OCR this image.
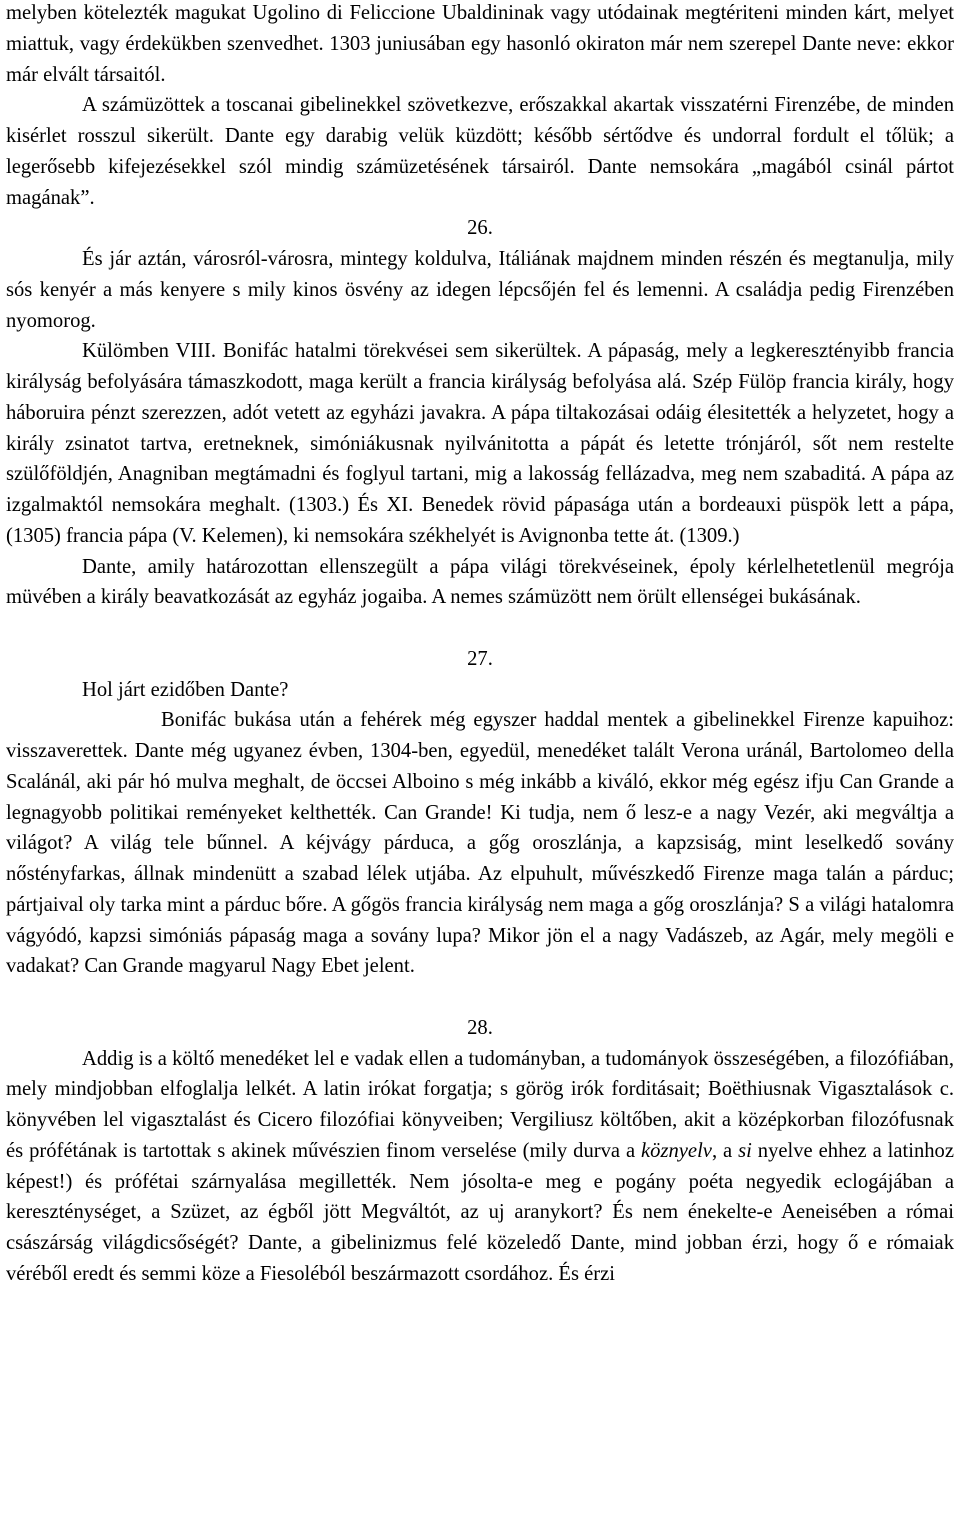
melyben kötelezték magukat Ugolino di Feliccione Ubaldininak vagy utódainak megtériteni minden kárt, melyet miattuk, vagy érdekükben szenvedhet. 1303 juniusában egy hasonló okiraton már nem szerepel Dante neve: ekkor már elvált társaitól.

A számüzöttek a toscanai gibelinekkel szövetkezve, erőszakkal akartak visszatérni Firenzébe, de minden kisérlet rosszul sikerült. Dante egy darabig velük küzdött; később sértődve és undorral fordult el tőlük; a legerősebb kifejezésekkel szól mindig számüzetésének társairól. Dante nemsokára „magából csinál pártot magának”.

26.

És jár aztán, városról-városra, mintegy koldulva, Itáliának majdnem minden részén és megtanulja, mily sós kenyér a más kenyere s mily kinos ösvény az idegen lépcsőjén fel és lemenni. A családja pedig Firenzében nyomorog.

Külömben VIII. Bonifác hatalmi törekvései sem sikerültek. A pápaság, mely a legkeresztényibb francia királyság befolyására támaszkodott, maga került a francia királyság befolyása alá. Szép Fülöp francia király, hogy háboruira pénzt szerezzen, adót vetett az egyházi javakra. A pápa tiltakozásai odáig élesitették a helyzetet, hogy a király zsinatot tartva, eretneknek, simóniákusnak nyilvánitotta a pápát és letette trónjáról, sőt nem restelte szülőföldjén, Anagniban megtámadni és foglyul tartani, mig a lakosság fellázadva, meg nem szabaditá. A pápa az izgalmaktól nemsokára meghalt. (1303.) És XI. Benedek rövid pápasága után a bordeauxi püspök lett a pápa, (1305) francia pápa (V. Kelemen), ki nemsokára székhelyét is Avignonba tette át. (1309.)

Dante, amily határozottan ellenszegült a pápa világi törekvéseinek, époly kérlelhetetlenül megrója müvében a király beavatkozását az egyház jogaiba. A nemes számüzött nem örült ellenségei bukásának.

27.

Hol járt ezidőben Dante?

Bonifác bukása után a fehérek még egyszer haddal mentek a gibelinekkel Firenze kapuihoz: visszaverettek. Dante még ugyanez évben, 1304-ben, egyedül, menedéket talált Verona uránál, Bartolomeo della Scalánál, aki pár hó mulva meghalt, de öccsei Alboino s még inkább a kiváló, ekkor még egész ifju Can Grande a legnagyobb politikai reményeket kelthették. Can Grande! Ki tudja, nem ő lesz-e a nagy Vezér, aki megváltja a világot? A világ tele bűnnel. A kéjvágy párduca, a gőg oroszlánja, a kapzsiság, mint leselkedő sovány nőstényfarkas, állnak mindenütt a szabad lélek utjába. Az elpuhult, művészkedő Firenze maga talán a párduc; pártjaival oly tarka mint a párduc bőre. A gőgös francia királyság nem maga a gőg oroszlánja? S a világi hatalomra vágyódó, kapzsi simóniás pápaság maga a sovány lupa? Mikor jön el a nagy Vadászeb, az Agár, mely megöli e vadakat? Can Grande magyarul Nagy Ebet jelent.

28.

Addig is a költő menedéket lel e vadak ellen a tudományban, a tudományok összeségében, a filozófiában, mely mindjobban elfoglalja lelkét. A latin irókat forgatja; s görög irók forditásait; Boëthiusnak Vigasztalások c. könyvében lel vigasztalást és Cicero filozófiai könyveiben; Vergiliusz költőben, akit a középkorban filozófusnak és prófétának is tartottak s akinek művészien finom verselése (mily durva a köznyelv, a si nyelve ehhez a latinhoz képest!) és prófétai szárnyalása megillették. Nem jósolta-e meg e pogány poéta negyedik eclogájában a kereszténységet, a Szüzet, az égből jött Megváltót, az uj aranykort? És nem énekelte-e Aeneisében a római császárság világdicsőségét? Dante, a gibelinizmus felé közeledő Dante, mind jobban érzi, hogy ő e rómaiak véréből eredt és semmi köze a Fiesoléból beszármazott csordához. És érzi
